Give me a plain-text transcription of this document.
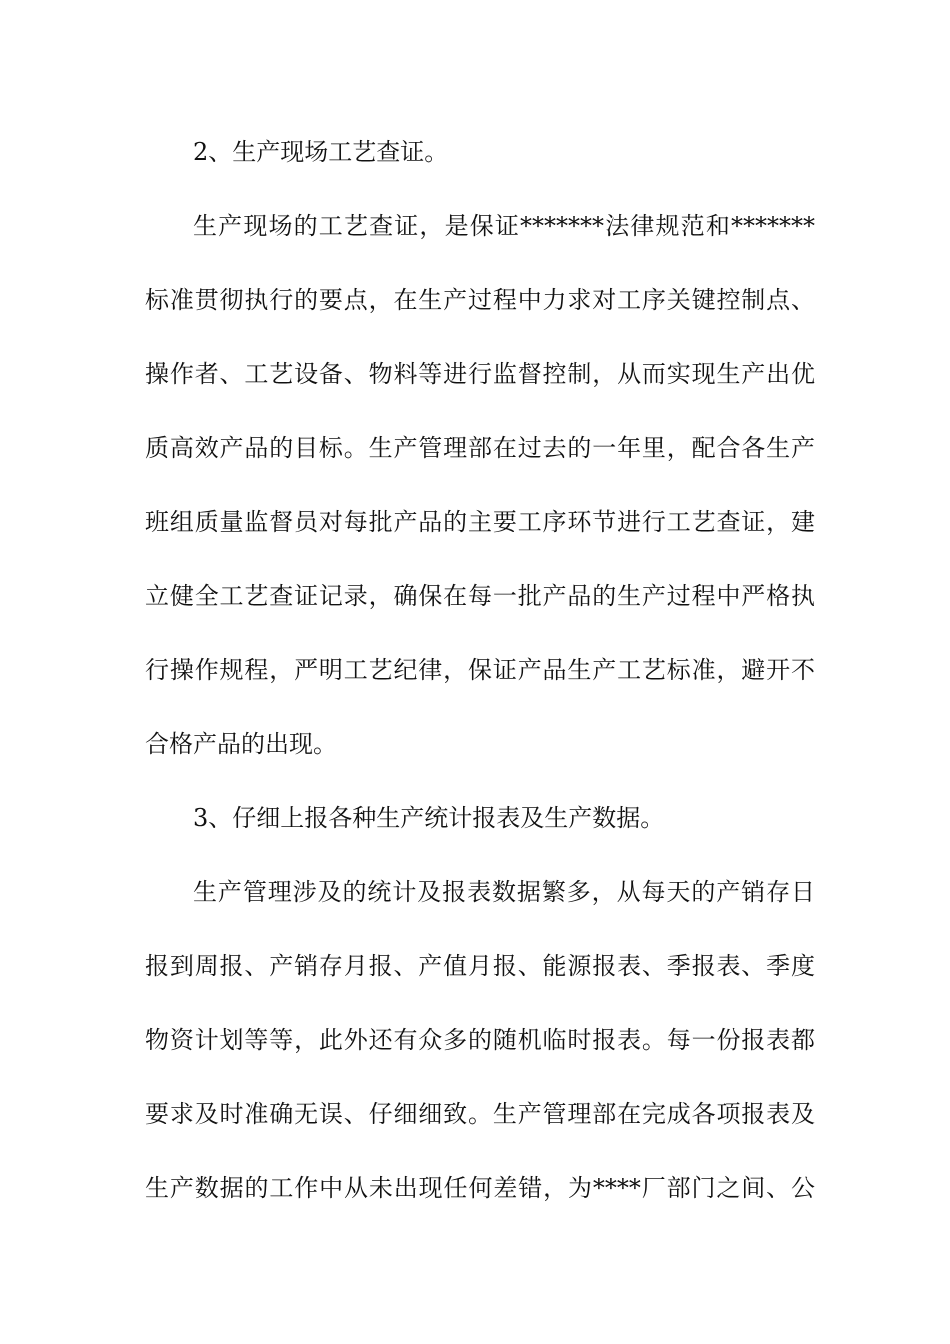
2、生产现场工艺查证。
生产现场的工艺查证，是保证*******法律规范和*******
标准贯彻执行的要点，在生产过程中力求对工序关键控制点、
操作者、工艺设备、物料等进行监督控制，从而实现生产出优
质高效产品的目标。生产管理部在过去的一年里，配合各生产
班组质量监督员对每批产品的主要工序环节进行工艺查证，建
立健全工艺查证记录，确保在每一批产品的生产过程中严格执
行操作规程，严明工艺纪律，保证产品生产工艺标准，避开不
合格产品的出现。
3、仔细上报各种生产统计报表及生产数据。
生产管理涉及的统计及报表数据繁多，从每天的产销存日
报到周报、产销存月报、产值月报、能源报表、季报表、季度
物资计划等等，此外还有众多的随机临时报表。每一份报表都
要求及时准确无误、仔细细致。生产管理部在完成各项报表及
生产数据的工作中从未出现任何差错，为****厂部门之间、公
